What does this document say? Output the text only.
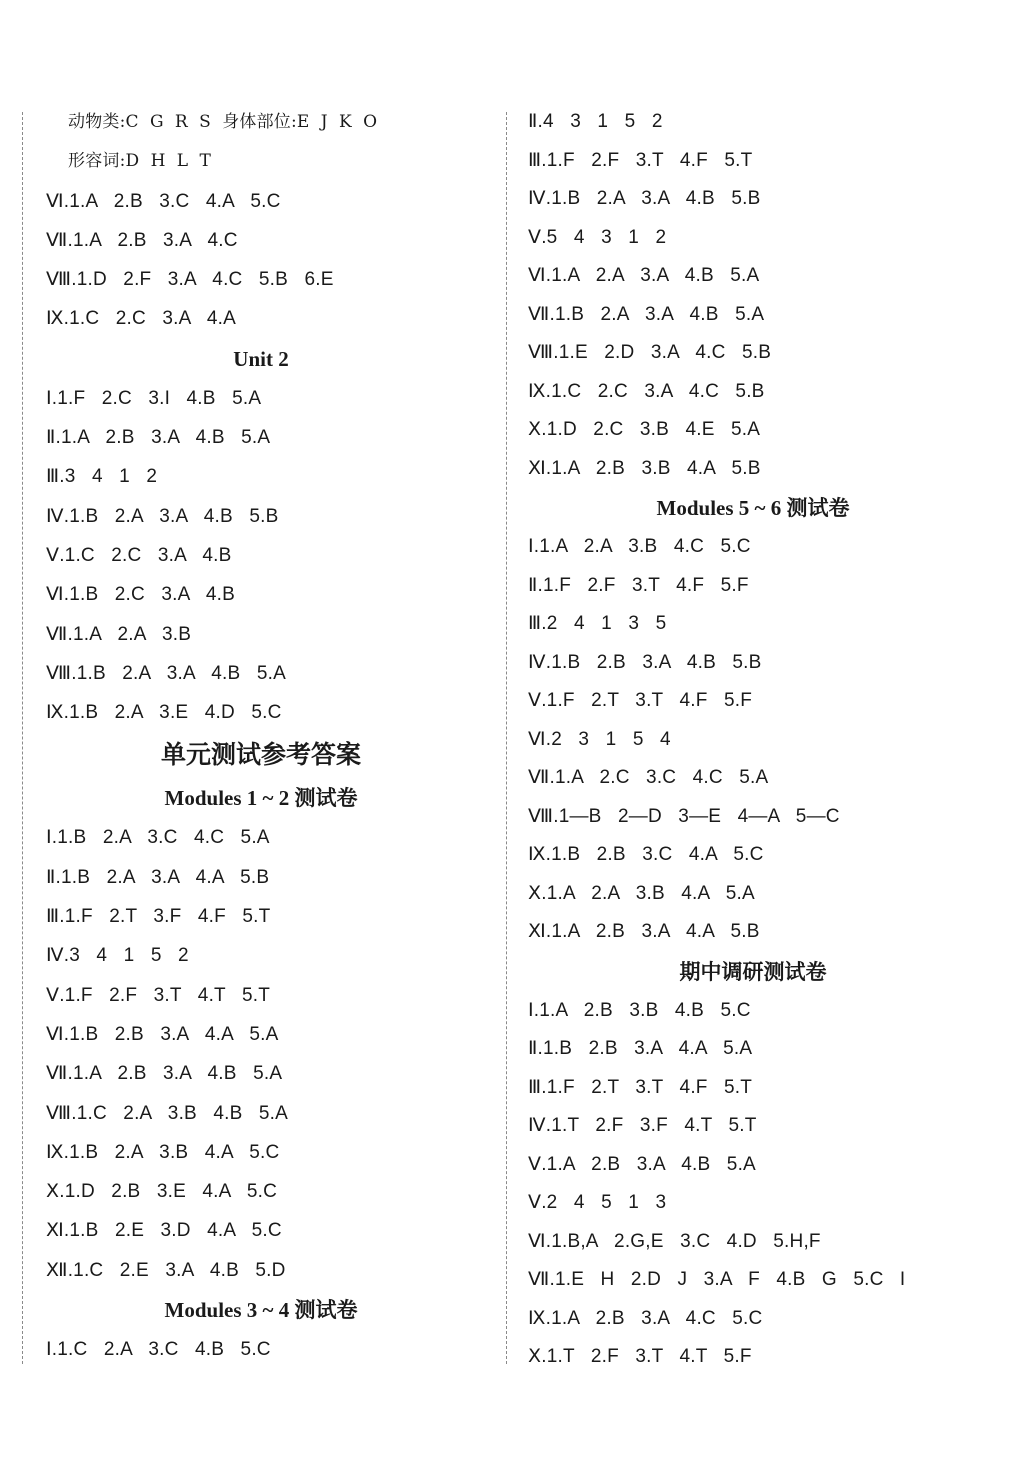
动物类:C  G  R  S  身体部位:E  J  K  O
形容词:D  H  L  T
Ⅵ.1.A   2.B   3.C   4.A   5.C
Ⅶ.1.A   2.B   3.A   4.C
Ⅷ.1.D   2.F   3.A   4.C   5.B   6.E
Ⅸ.1.C   2.C   3.A   4.A
Unit 2
Ⅰ.1.F   2.C   3.I   4.B   5.A
Ⅱ.1.A   2.B   3.A   4.B   5.A
Ⅲ.3   4   1   2
Ⅳ.1.B   2.A   3.A   4.B   5.B
Ⅴ.1.C   2.C   3.A   4.B
Ⅵ.1.B   2.C   3.A   4.B
Ⅶ.1.A   2.A   3.B
Ⅷ.1.B   2.A   3.A   4.B   5.A
Ⅸ.1.B   2.A   3.E   4.D   5.C
单元测试参考答案
Modules 1 ~ 2 测试卷
Ⅰ.1.B   2.A   3.C   4.C   5.A
Ⅱ.1.B   2.A   3.A   4.A   5.B
Ⅲ.1.F   2.T   3.F   4.F   5.T
Ⅳ.3   4   1   5   2
Ⅴ.1.F   2.F   3.T   4.T   5.T
Ⅵ.1.B   2.B   3.A   4.A   5.A
Ⅶ.1.A   2.B   3.A   4.B   5.A
Ⅷ.1.C   2.A   3.B   4.B   5.A
Ⅸ.1.B   2.A   3.B   4.A   5.C
Ⅹ.1.D   2.B   3.E   4.A   5.C
Ⅺ.1.B   2.E   3.D   4.A   5.C
Ⅻ.1.C   2.E   3.A   4.B   5.D
Modules 3 ~ 4 测试卷
Ⅰ.1.C   2.A   3.C   4.B   5.C
Ⅱ.4   3   1   5   2
Ⅲ.1.F   2.F   3.T   4.F   5.T
Ⅳ.1.B   2.A   3.A   4.B   5.B
Ⅴ.5   4   3   1   2
Ⅵ.1.A   2.A   3.A   4.B   5.A
Ⅶ.1.B   2.A   3.A   4.B   5.A
Ⅷ.1.E   2.D   3.A   4.C   5.B
Ⅸ.1.C   2.C   3.A   4.C   5.B
Ⅹ.1.D   2.C   3.B   4.E   5.A
Ⅺ.1.A   2.B   3.B   4.A   5.B
Modules 5 ~ 6 测试卷
Ⅰ.1.A   2.A   3.B   4.C   5.C
Ⅱ.1.F   2.F   3.T   4.F   5.F
Ⅲ.2   4   1   3   5
Ⅳ.1.B   2.B   3.A   4.B   5.B
Ⅴ.1.F   2.T   3.T   4.F   5.F
Ⅵ.2   3   1   5   4
Ⅶ.1.A   2.C   3.C   4.C   5.A
Ⅷ.1—B   2—D   3—E   4—A   5—C
Ⅸ.1.B   2.B   3.C   4.A   5.C
Ⅹ.1.A   2.A   3.B   4.A   5.A
Ⅺ.1.A   2.B   3.A   4.A   5.B
期中调研测试卷
Ⅰ.1.A   2.B   3.B   4.B   5.C
Ⅱ.1.B   2.B   3.A   4.A   5.A
Ⅲ.1.F   2.T   3.T   4.F   5.T
Ⅳ.1.T   2.F   3.F   4.T   5.T
Ⅴ.1.A   2.B   3.A   4.B   5.A
Ⅴ.2   4   5   1   3
Ⅵ.1.B,A   2.G,E   3.C   4.D   5.H,F
Ⅶ.1.E   H   2.D   J   3.A   F   4.B   G   5.C   I
Ⅸ.1.A   2.B   3.A   4.C   5.C
Ⅹ.1.T   2.F   3.T   4.T   5.F
